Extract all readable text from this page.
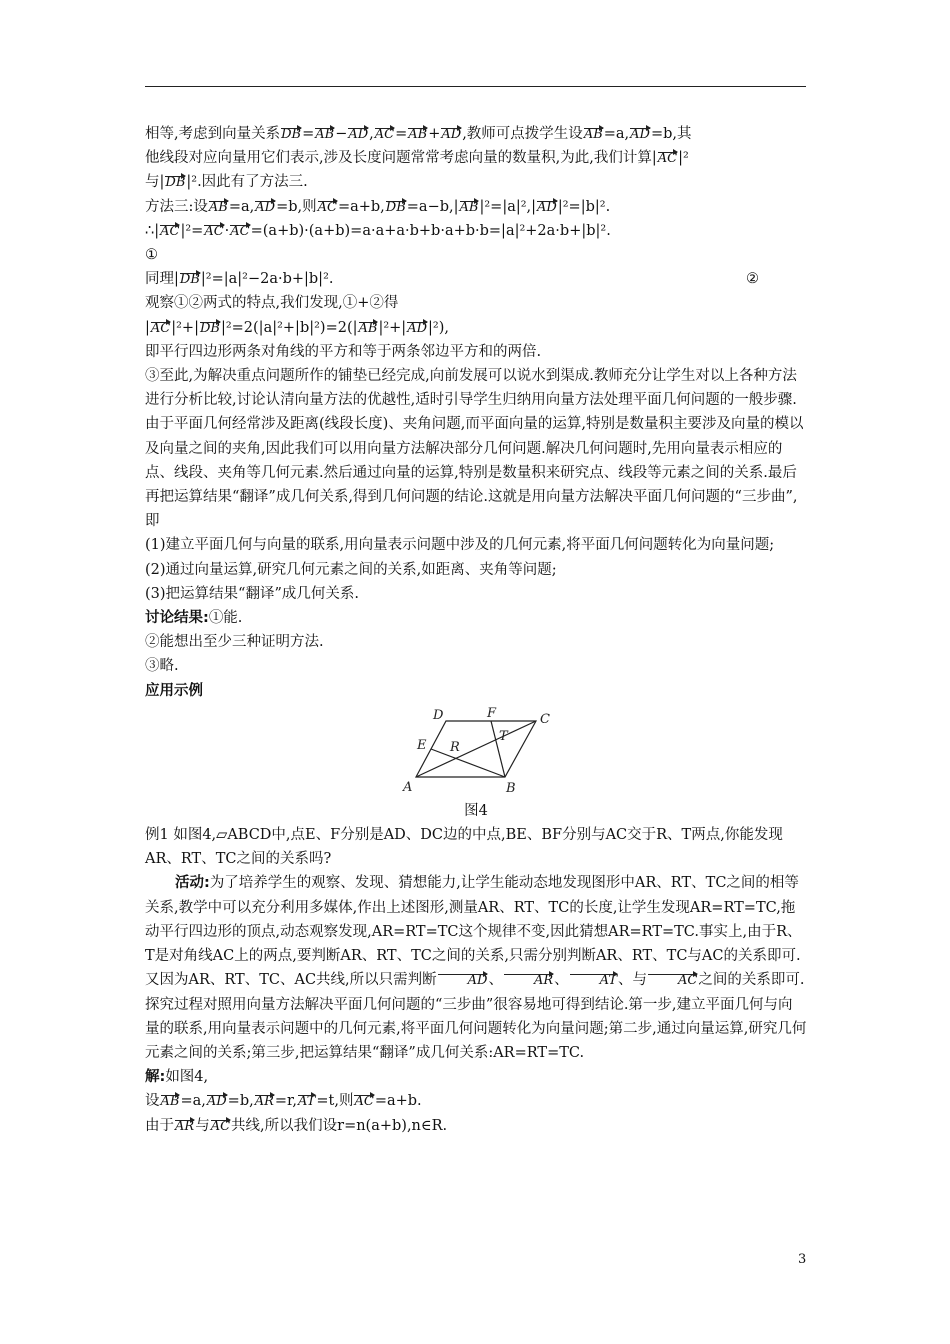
相等,考虑到向量关系DB=AB−AD,AC=AB+AD,教师可点拨学生设AB=a,AD=b,其

他线段对应向量用它们表示,涉及长度问题常常考虑向量的数量积,为此,我们计算|AC|²

与|DB|².因此有了方法三.

方法三:设AB=a,AD=b,则AC=a+b,DB=a−b,|AB|²=|a|²,|AD|²=|b|².

∴|AC|²=AC·AC=(a+b)·(a+b)=a·a+a·b+b·a+b·b=|a|²+2a·b+|b|².

①

同理|DB|²=|a|²−2a·b+|b|².	②

观察①②两式的特点,我们发现,①+②得

|AC|²+|DB|²=2(|a|²+|b|²)=2(|AB|²+|AD|²),

即平行四边形两条对角线的平方和等于两条邻边平方和的两倍.

③至此,为解决重点问题所作的铺垫已经完成,向前发展可以说水到渠成.教师充分让学生对以上各种方法进行分析比较,讨论认清向量方法的优越性,适时引导学生归纳用向量方法处理平面几何问题的一般步骤.由于平面几何经常涉及距离(线段长度)、夹角问题,而平面向量的运算,特别是数量积主要涉及向量的模以及向量之间的夹角,因此我们可以用向量方法解决部分几何问题.解决几何问题时,先用向量表示相应的点、线段、夹角等几何元素.然后通过向量的运算,特别是数量积来研究点、线段等元素之间的关系.最后再把运算结果“翻译”成几何关系,得到几何问题的结论.这就是用向量方法解决平面几何问题的“三步曲”,即

(1)建立平面几何与向量的联系,用向量表示问题中涉及的几何元素,将平面几何问题转化为向量问题;

(2)通过向量运算,研究几何元素之间的关系,如距离、夹角等问题;

(3)把运算结果“翻译”成几何关系.

讨论结果:①能.

②能想出至少三种证明方法.

③略.

应用示例

A	B
C
D
E
F
R
T

图4

例1 如图4,▱ABCD中,点E、F分别是AD、DC边的中点,BE、BF分别与AC交于R、T两点,你能发现AR、RT、TC之间的关系吗?

活动:为了培养学生的观察、发现、猜想能力,让学生能动态地发现图形中AR、RT、TC之间的相等关系,教学中可以充分利用多媒体,作出上述图形,测量AR、RT、TC的长度,让学生发现AR=RT=TC,拖动平行四边形的顶点,动态观察发现,AR=RT=TC这个规律不变,因此猜想AR=RT=TC.事实上,由于R、T是对角线AC上的两点,要判断AR、RT、TC之间的关系,只需分别判断AR、RT、TC与AC的关系即可.又因为AR、RT、TC、AC共线,所以只需判断 AD、 AR、 AT、与 AC之间的关系即可.探究过程对照用向量方法解决平面几何问题的“三步曲”很容易地可得到结论.第一步,建立平面几何与向量的联系,用向量表示问题中的几何元素,将平面几何问题转化为向量问题;第二步,通过向量运算,研究几何元素之间的关系;第三步,把运算结果“翻译”成几何关系:AR=RT=TC.

解:如图4,

设AB=a,AD=b,AR=r,AT=t,则AC=a+b.

由于AR与AC共线,所以我们设r=n(a+b),n∈R.

3
